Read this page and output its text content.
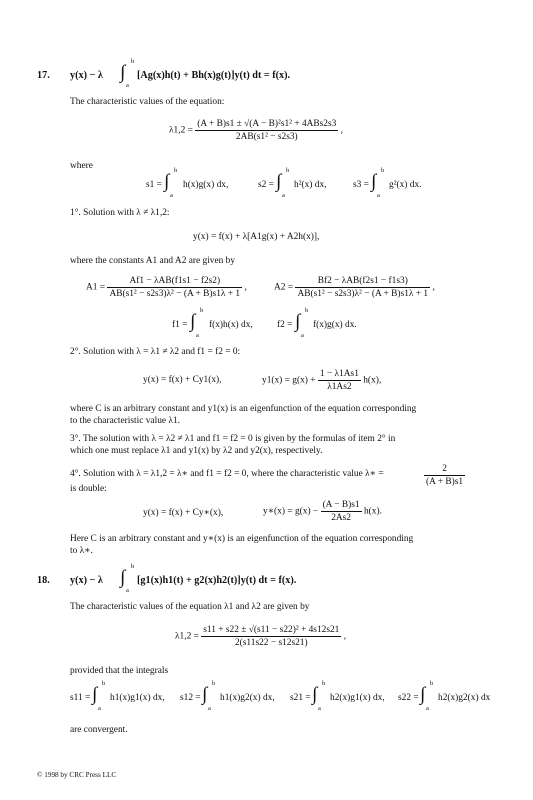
17. y(x) − λ ∫
b
a
[Ag(x)h(t) + Bh(x)g(t)]y(t) dt = f(x).
The characteristic values of the equation:
$\lambda 1,2 = \frac{\text{(A + B)s1 ± √(A − B)²s1² + 4ABs2s3}}{\text{2AB(s1² − s2s3)}}$ ,
where
s1 = ∫
b
a
h(x)g(x) dx,	s2 = ∫
b
a
h²(x) dx,	s3 = ∫
b
a
g²(x) dx.
1°. Solution with λ ≠ λ1,2:
y(x) = f(x) + λ[A1g(x) + A2h(x)],
where the constants A1 and A2 are given by
$A1 = \frac{\text{Af1 − λAB(f1s1 − f2s2)}}{\text{AB(s1² − s2s3)λ² − (A + B)s1λ + 1}}$ ,	$A2 = \frac{\text{Bf2 − λAB(f2s1 − f1s3)}}{\text{AB(s1² − s2s3)λ² − (A + B)s1λ + 1}}$ ,
f1 = ∫
b
a
f(x)h(x) dx,	f2 = ∫
b
a
f(x)g(x) dx.
2°. Solution with λ = λ1 ≠ λ2 and f1 = f2 = 0:
y(x) = f(x) + Cy1(x),	$y1(x) = g(x) + \frac{1 - \lambda 1As1}{\lambda 1As2} h(x)$,
where C is an arbitrary constant and y1(x) is an eigenfunction of the equation corresponding
to the characteristic value λ1.
3°. The solution with λ = λ2 ≠ λ1 and f1 = f2 = 0 is given by the formulas of item 2° in
which one must replace λ1 and y1(x) by λ2 and y2(x), respectively.
4°. Solution with λ = λ1,2 = λ∗ and f1 = f2 = 0, where the characteristic value λ∗ =	$\frac{2}{(A + B)s1}$
is double:
y(x) = f(x) + Cy∗(x),	y∗(x) = $g(x) - \frac{(A - B)s1}{2As2} h(x)$.
Here C is an arbitrary constant and y∗(x) is an eigenfunction of the equation corresponding
to λ∗.
18. y(x) − λ ∫
b
a
[g1(x)h1(t) + g2(x)h2(t)]y(t) dt = f(x).
The characteristic values of the equation λ1 and λ2 are given by
$\lambda 1,2 = \frac{\text{s11 + s22 ± √(s11 − s22)² + 4s12s21}}{2(s11s22 - s12s21)}$ ,
provided that the integrals
s11 = ∫
b
a
h1(x)g1(x) dx, s12 = ∫
b
a
h1(x)g2(x) dx, s21 = ∫
b
a
h2(x)g1(x) dx, s22 = ∫
b
a
h2(x)g2(x) dx
are convergent.
© 1998 by CRC Press LLC
